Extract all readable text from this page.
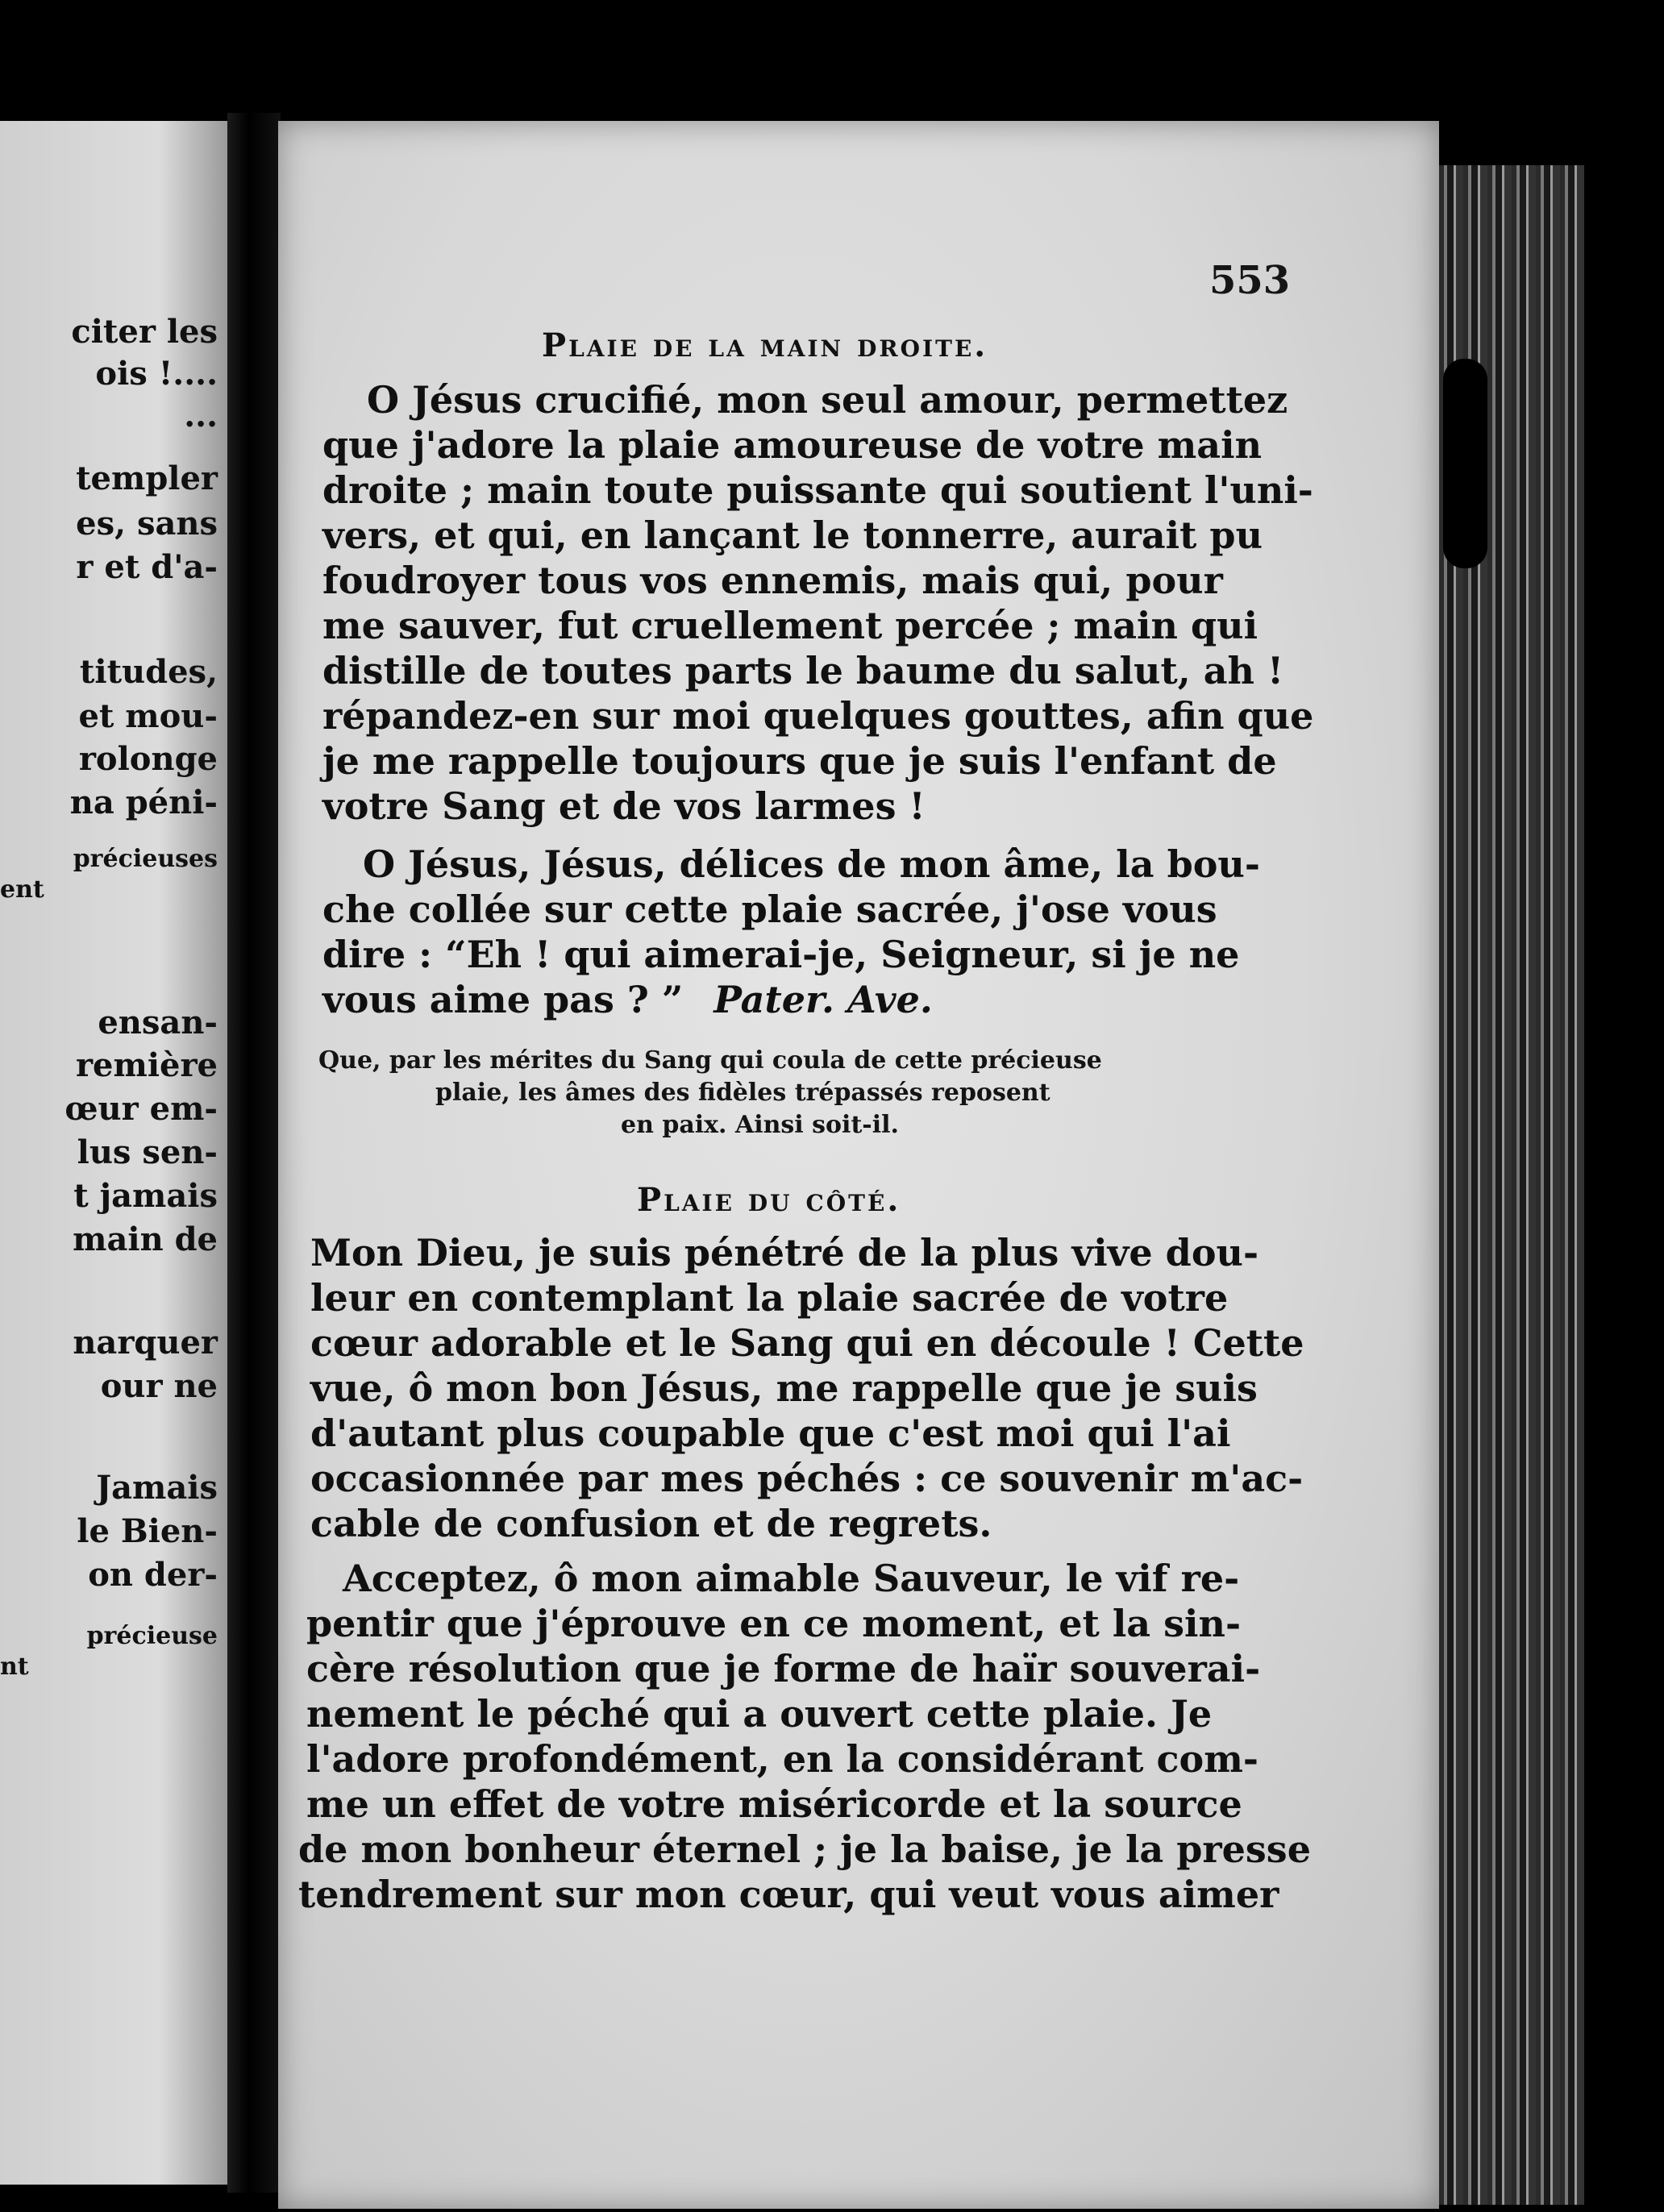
citer les
ois !....
...
templer
es, sans
r et d'a-
titudes,
et mou-
rolonge
na péni-
précieuses
ent
ensan-
remière
œur em-
lus sen-
t jamais
main de
narquer
our ne
Jamais
le Bien-
on der-
précieuse
nt
553
Plaie de la main droite.
O Jésus crucifié, mon seul amour, permettez
que j'adore la plaie amoureuse de votre main
droite ; main toute puissante qui soutient l'uni-
vers, et qui, en lançant le tonnerre, aurait pu
foudroyer tous vos ennemis, mais qui, pour
me sauver, fut cruellement percée ; main qui
distille de toutes parts le baume du salut, ah !
répandez-en sur moi quelques gouttes, afin que
je me rappelle toujours que je suis l'enfant de
votre Sang et de vos larmes !
O Jésus, Jésus, délices de mon âme, la bou-
che collée sur cette plaie sacrée, j'ose vous
dire : “Eh ! qui aimerai-je, Seigneur, si je ne
vous aime pas ? ” Pater. Ave.
Que, par les mérites du Sang qui coula de cette précieuse
plaie, les âmes des fidèles trépassés reposent
en paix. Ainsi soit-il.
Plaie du côté.
Mon Dieu, je suis pénétré de la plus vive dou-
leur en contemplant la plaie sacrée de votre
cœur adorable et le Sang qui en découle ! Cette
vue, ô mon bon Jésus, me rappelle que je suis
d'autant plus coupable que c'est moi qui l'ai
occasionnée par mes péchés : ce souvenir m'ac-
cable de confusion et de regrets.
Acceptez, ô mon aimable Sauveur, le vif re-
pentir que j'éprouve en ce moment, et la sin-
cère résolution que je forme de haïr souverai-
nement le péché qui a ouvert cette plaie. Je
l'adore profondément, en la considérant com-
me un effet de votre miséricorde et la source
de mon bonheur éternel ; je la baise, je la presse
tendrement sur mon cœur, qui veut vous aimer
